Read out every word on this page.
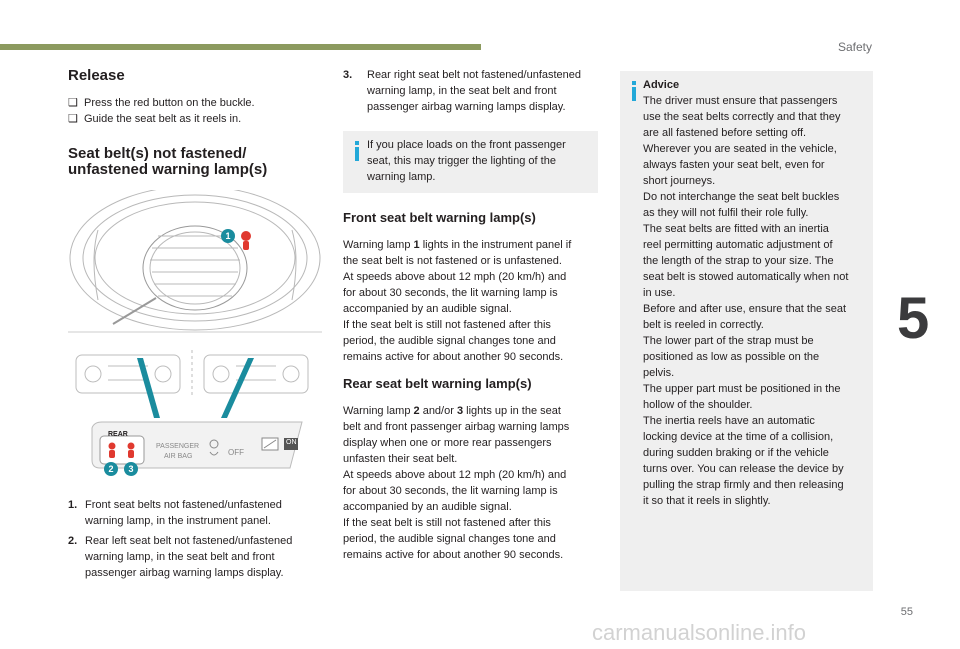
Safety
5
55
Release
❑ Press the red button on the buckle.
❑ Guide the seat belt as it reels in.
Seat belt(s) not fastened/
unfastened warning lamp(s)
REAR
PASSENGER
AIR BAG	OFF
ON
1
2	3
1. Front seat belts not fastened/unfastened
warning lamp, in the instrument panel.
2. Rear left seat belt not fastened/unfastened
warning lamp, in the seat belt and front
passenger airbag warning lamps display.
3.	Rear right seat belt not fastened/unfastened
warning lamp, in the seat belt and front
passenger airbag warning lamps display.
If you place loads on the front passenger
seat, this may trigger the lighting of the
warning lamp.
Front seat belt warning lamp(s)
Warning lamp 1 lights in the instrument panel if
the seat belt is not fastened or is unfastened.
At speeds above about 12 mph (20 km/h) and
for about 30 seconds, the lit warning lamp is
accompanied by an audible signal.
If the seat belt is still not fastened after this
period, the audible signal changes tone and
remains active for about another 90 seconds.
Rear seat belt warning lamp(s)
Warning lamp 2 and/or 3 lights up in the seat
belt and front passenger airbag warning lamps
display when one or more rear passengers
unfasten their seat belt.
At speeds above about 12 mph (20 km/h) and
for about 30 seconds, the lit warning lamp is
accompanied by an audible signal.
If the seat belt is still not fastened after this
period, the audible signal changes tone and
remains active for about another 90 seconds.
Advice
The driver must ensure that passengers
use the seat belts correctly and that they
are all fastened before setting off.
Wherever you are seated in the vehicle,
always fasten your seat belt, even for
short journeys.
Do not interchange the seat belt buckles
as they will not fulfil their role fully.
The seat belts are fitted with an inertia
reel permitting automatic adjustment of
the length of the strap to your size. The
seat belt is stowed automatically when not
in use.
Before and after use, ensure that the seat
belt is reeled in correctly.
The lower part of the strap must be
positioned as low as possible on the
pelvis.
The upper part must be positioned in the
hollow of the shoulder.
The inertia reels have an automatic
locking device at the time of a collision,
during sudden braking or if the vehicle
turns over. You can release the device by
pulling the strap firmly and then releasing
it so that it reels in slightly.
carmanualsonline.info
